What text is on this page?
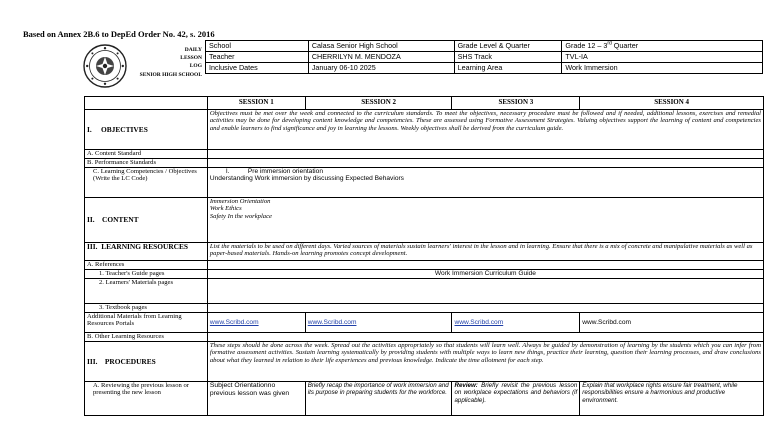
Based on Annex 2B.6 to DepEd Order No. 42, s. 2016
DAILY
LESSON
LOG
SENIOR HIGH SCHOOL
School	Calasa Senior High School	Grade Level & Quarter	Grade 12 – 3rd Quarter
Teacher	CHERRILYN M. MENDOZA	SHS Track	TVL-IA
Inclusive Dates	January 06-10 2025	Learning Area	Work Immersion
	SESSION 1	SESSION 2	SESSION 3	SESSION 4
I. OBJECTIVES	Objectives must be met over the week and connected to the curriculum standards. To meet the objectives, necessary procedure must be followed and if needed, additional lessons, exercises and remedial activities may be done for developing content knowledge and competencies. These are assessed using Formative Assessment Strategies. Valuing objectives support the learning of content and competencies and enable learners to find significance and joy in learning the lessons. Weekly objectives shall be derived from the curriculum guide.			
A. Content Standard				
B. Performance Standards				
C. Learning Competencies / Objectives (Write the LC Code)	I. Pre immersion orientation
Understanding Work immersion by discussing Expected Behaviors			

II. CONTENT	Immersion Orientation
Work Ethics
Safety In the workplace			

III. LEARNING RESOURCES	List the materials to be used on different days. Varied sources of materials sustain learners' interest in the lesson and in learning. Ensure that there is a mix of concrete and manipulative materials as well as paper-based materials. Hands-on learning promotes concept development.			
A. References				
1. Teacher's Guide pages	Work Immersion Curriculum Guide			
2. Learners' Materials pages				
3. Textbook pages				
Additional Materials from Learning Resources Portals	www.Scribd.com	www.Scribd.com	www.Scribd.com	www.Scribd.com
B. Other Learning Resources				
III. PROCEDURES	These steps should be done across the week. Spread out the activities appropriately so that students will learn well. Always be guided by demonstration of learning by the students which you can infer from formative assessment activities. Sustain learning systematically by providing students with multiple ways to learn new things, practice their learning, question their learning processes, and draw conclusions about what they learned in relation to their life experiences and previous knowledge. Indicate the time allotment for each step.			
A. Reviewing the previous lesson or presenting the new lesson	Subject Orientationno previous lesson was given	Briefly recap the importance of work immersion and its purpose in preparing students for the workforce.	Review: Briefly revisit the previous lesson on workplace expectations and behaviors (if applicable).	Explain that workplace rights ensure fair treatment, while responsibilities ensure a harmonious and productive environment.
